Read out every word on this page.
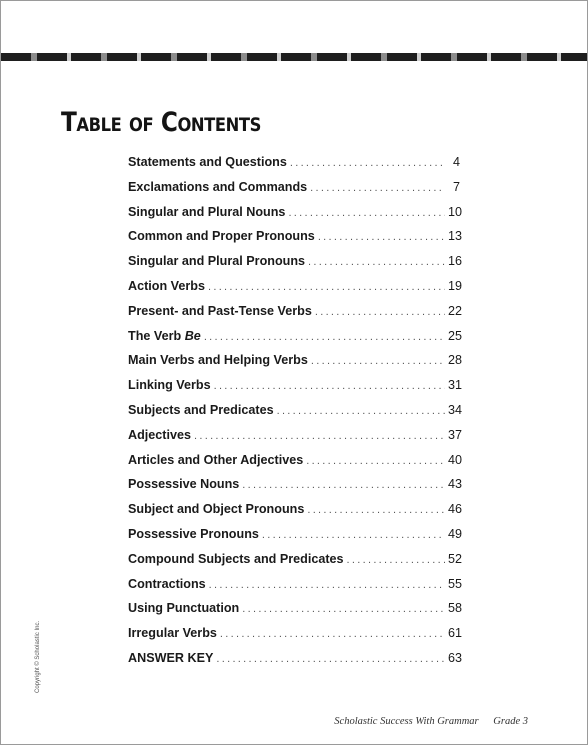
Table of Contents
Statements and Questions .....	4
Exclamations and Commands .....	7
Singular and Plural Nouns .....	10
Common and Proper Pronouns .....	13
Singular and Plural Pronouns .....	16
Action Verbs .....	19
Present- and Past-Tense Verbs .....	22
The Verb Be .....	25
Main Verbs and Helping Verbs .....	28
Linking Verbs .....	31
Subjects and Predicates .....	34
Adjectives .....	37
Articles and Other Adjectives .....	40
Possessive Nouns .....	43
Subject and Object Pronouns .....	46
Possessive Pronouns .....	49
Compound Subjects and Predicates .....	52
Contractions .....	55
Using Punctuation .....	58
Irregular Verbs .....	61
ANSWER KEY .....	63
Copyright © Scholastic Inc.
Scholastic Success With Grammar Grade 3
